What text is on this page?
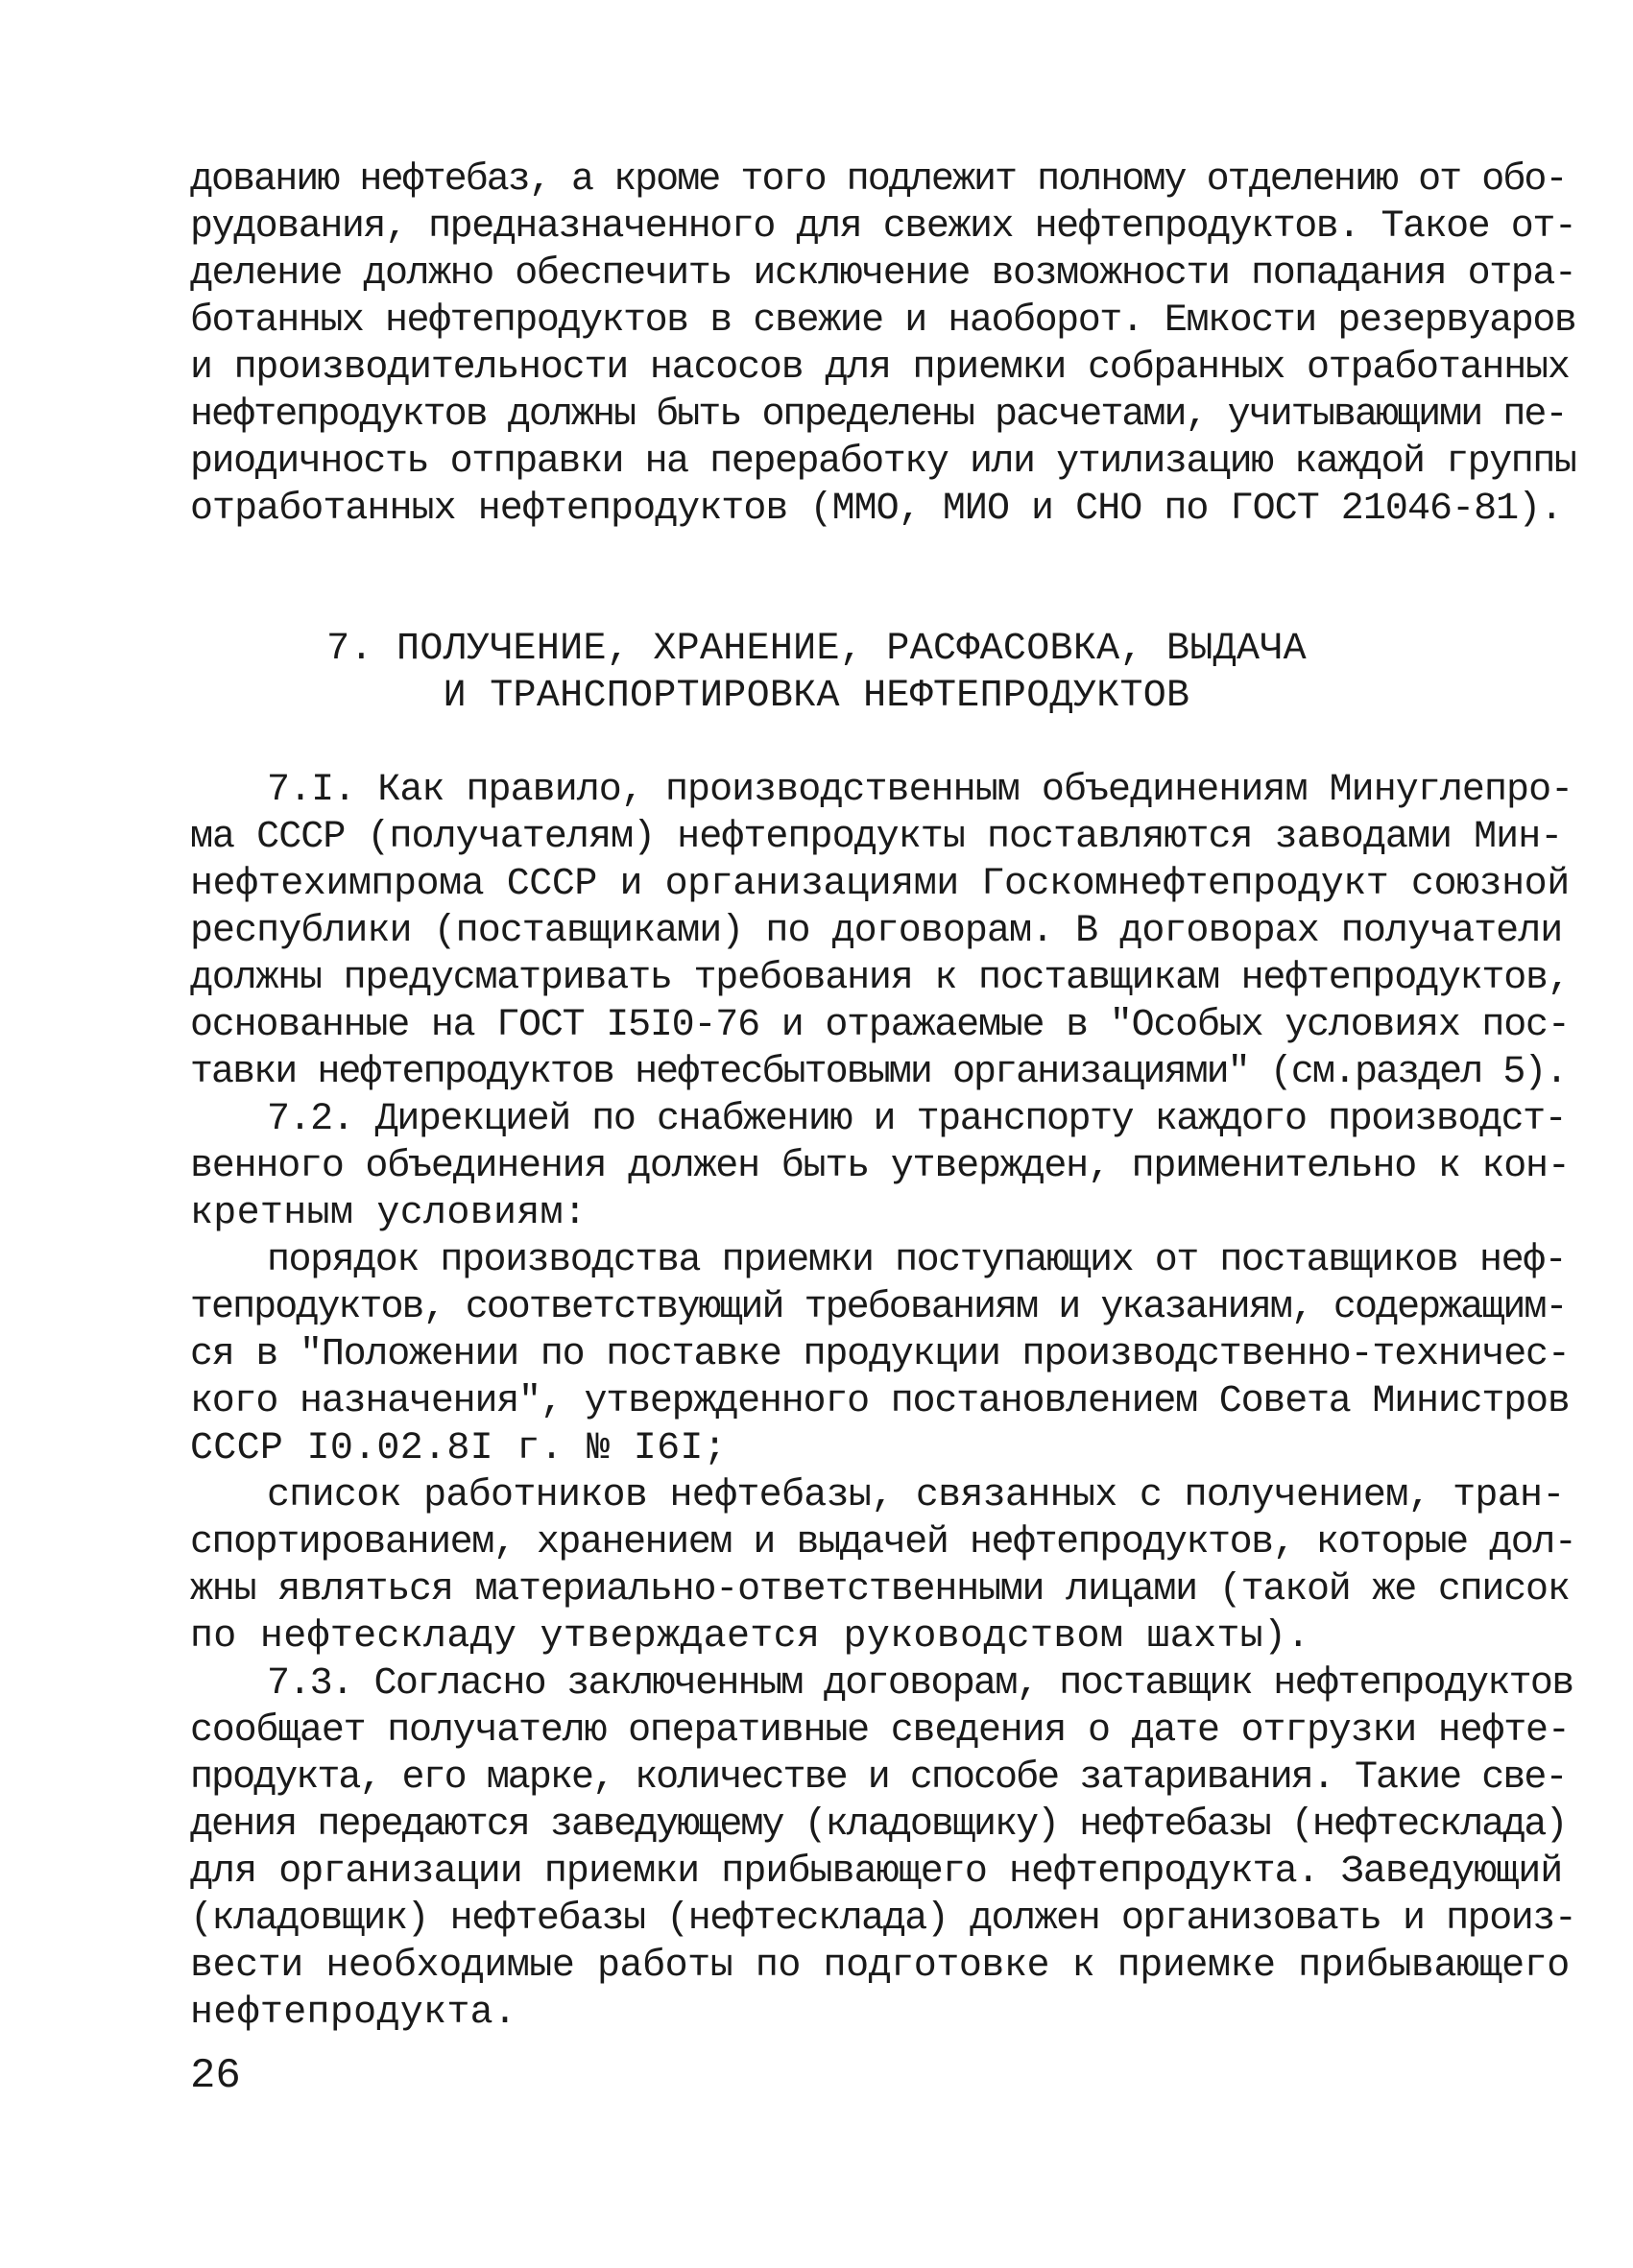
дованию нефтебаз, а кроме того подлежит полному отделению от обо-
рудования, предназначенного для свежих нефтепродуктов. Такое от-
деление должно обеспечить исключение возможности попадания отра-
ботанных нефтепродуктов в свежие и наоборот. Емкости резервуаров
и производительности насосов для приемки собранных отработанных
нефтепродуктов должны быть определены расчетами, учитывающими пе-
риодичность отправки на переработку или утилизацию каждой группы
отработанных нефтепродуктов (ММО, МИО и СНО по ГОСТ 21046-81).
7. ПОЛУЧЕНИЕ, ХРАНЕНИЕ, РАСФАСОВКА, ВЫДАЧА
И ТРАНСПОРТИРОВКА НЕФТЕПРОДУКТОВ
7.I. Как правило, производственным объединениям Минуглепро-
ма СССР (получателям) нефтепродукты поставляются заводами Мин-
нефтехимпрома СССР и организациями Госкомнефтепродукт союзной
республики (поставщиками) по договорам. В договорах получатели
должны предусматривать требования к поставщикам нефтепродуктов,
основанные на ГОСТ I5I0-76 и отражаемые в "Особых условиях пос-
тавки нефтепродуктов нефтесбытовыми организациями" (см.раздел 5).
7.2. Дирекцией по снабжению и транспорту каждого производст-
венного объединения должен быть утвержден, применительно к кон-
кретным условиям:
порядок производства приемки поступающих от поставщиков неф-
тепродуктов, соответствующий требованиям и указаниям, содержащим-
ся в "Положении по поставке продукции производственно-техничес-
кого назначения", утвержденного постановлением Совета Министров
СССР I0.02.8I г. № I6I;
список работников нефтебазы, связанных с получением, тран-
спортированием, хранением и выдачей нефтепродуктов, которые дол-
жны являться материально-ответственными лицами (такой же список
по нефтескладу утверждается руководством шахты).
7.3. Согласно заключенным договорам, поставщик нефтепродуктов
сообщает получателю оперативные сведения о дате отгрузки нефте-
продукта, его марке, количестве и способе затаривания. Такие све-
дения передаются заведующему (кладовщику) нефтебазы (нефтесклада)
для организации приемки прибывающего нефтепродукта. Заведующий
(кладовщик) нефтебазы (нефтесклада) должен организовать и произ-
вести необходимые работы по подготовке к приемке прибывающего
нефтепродукта.
26
